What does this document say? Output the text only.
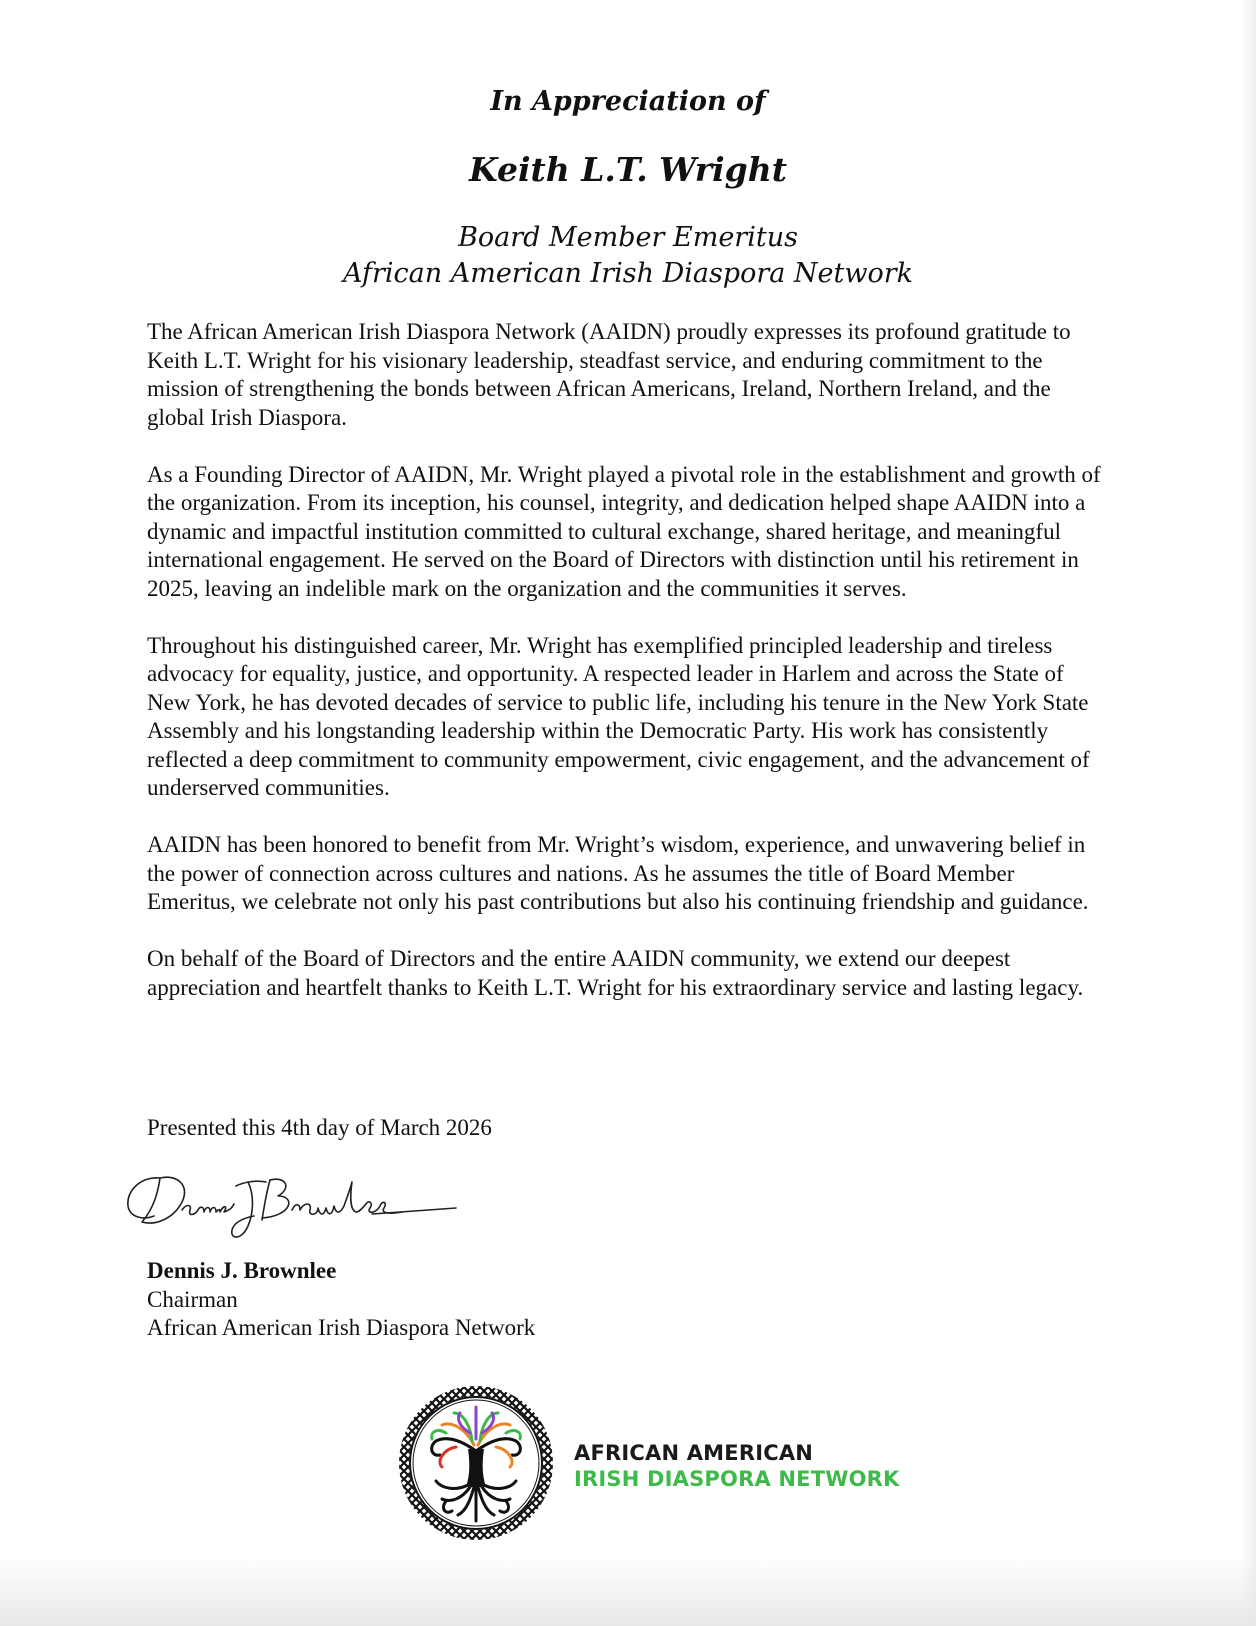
In Appreciation of
Keith L.T. Wright
Board Member Emeritus
African American Irish Diaspora Network

The African American Irish Diaspora Network (AAIDN) proudly expresses its profound gratitude to Keith L.T. Wright for his visionary leadership, steadfast service, and enduring commitment to the mission of strengthening the bonds between African Americans, Ireland, Northern Ireland, and the global Irish Diaspora.

As a Founding Director of AAIDN, Mr. Wright played a pivotal role in the establishment and growth of the organization. From its inception, his counsel, integrity, and dedication helped shape AAIDN into a dynamic and impactful institution committed to cultural exchange, shared heritage, and meaningful international engagement. He served on the Board of Directors with distinction until his retirement in 2025, leaving an indelible mark on the organization and the communities it serves.

Throughout his distinguished career, Mr. Wright has exemplified principled leadership and tireless advocacy for equality, justice, and opportunity. A respected leader in Harlem and across the State of New York, he has devoted decades of service to public life, including his tenure in the New York State Assembly and his longstanding leadership within the Democratic Party. His work has consistently reflected a deep commitment to community empowerment, civic engagement, and the advancement of underserved communities.

AAIDN has been honored to benefit from Mr. Wright’s wisdom, experience, and unwavering belief in the power of connection across cultures and nations. As he assumes the title of Board Member Emeritus, we celebrate not only his past contributions but also his continuing friendship and guidance.

On behalf of the Board of Directors and the entire AAIDN community, we extend our deepest appreciation and heartfelt thanks to Keith L.T. Wright for his extraordinary service and lasting legacy.

Presented this 4th day of March 2026

Dennis J. Brownlee
Chairman
African American Irish Diaspora Network
AFRICAN AMERICAN
IRISH DIASPORA NETWORK
